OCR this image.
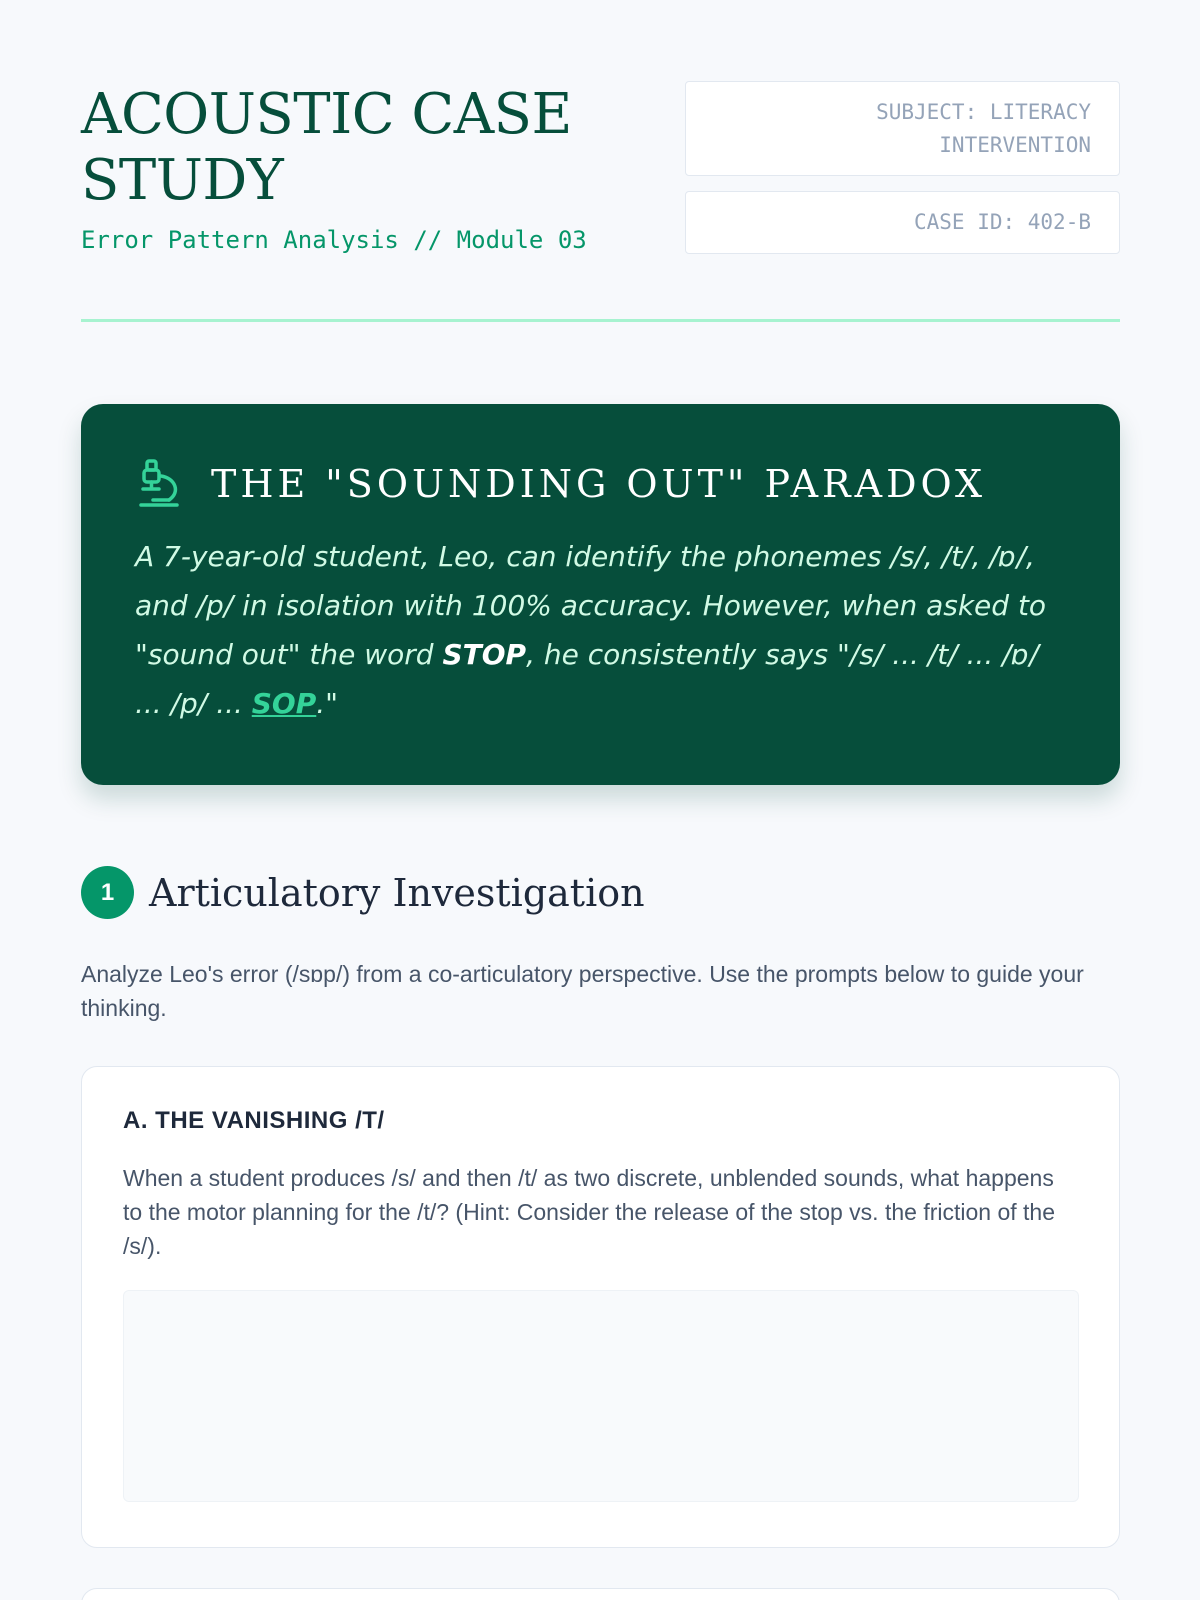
ACOUSTIC CASE STUDY
Error Pattern Analysis // Module 03
SUBJECT: LITERACY INTERVENTION
CASE ID: 402-B
THE "SOUNDING OUT" PARADOX
A 7-year-old student, Leo, can identify the phonemes /s/, /t/, /ɒ/, and /p/ in isolation with 100% accuracy. However, when asked to "sound out" the word STOP, he consistently says "/s/ ... /t/ ... /ɒ/ ... /p/ ... SOP."
1 Articulatory Investigation
Analyze Leo's error (/sɒp/) from a co-articulatory perspective. Use the prompts below to guide your thinking.
A. THE VANISHING /T/
When a student produces /s/ and then /t/ as two discrete, unblended sounds, what happens to the motor planning for the /t/? (Hint: Consider the release of the stop vs. the friction of the /s/).
